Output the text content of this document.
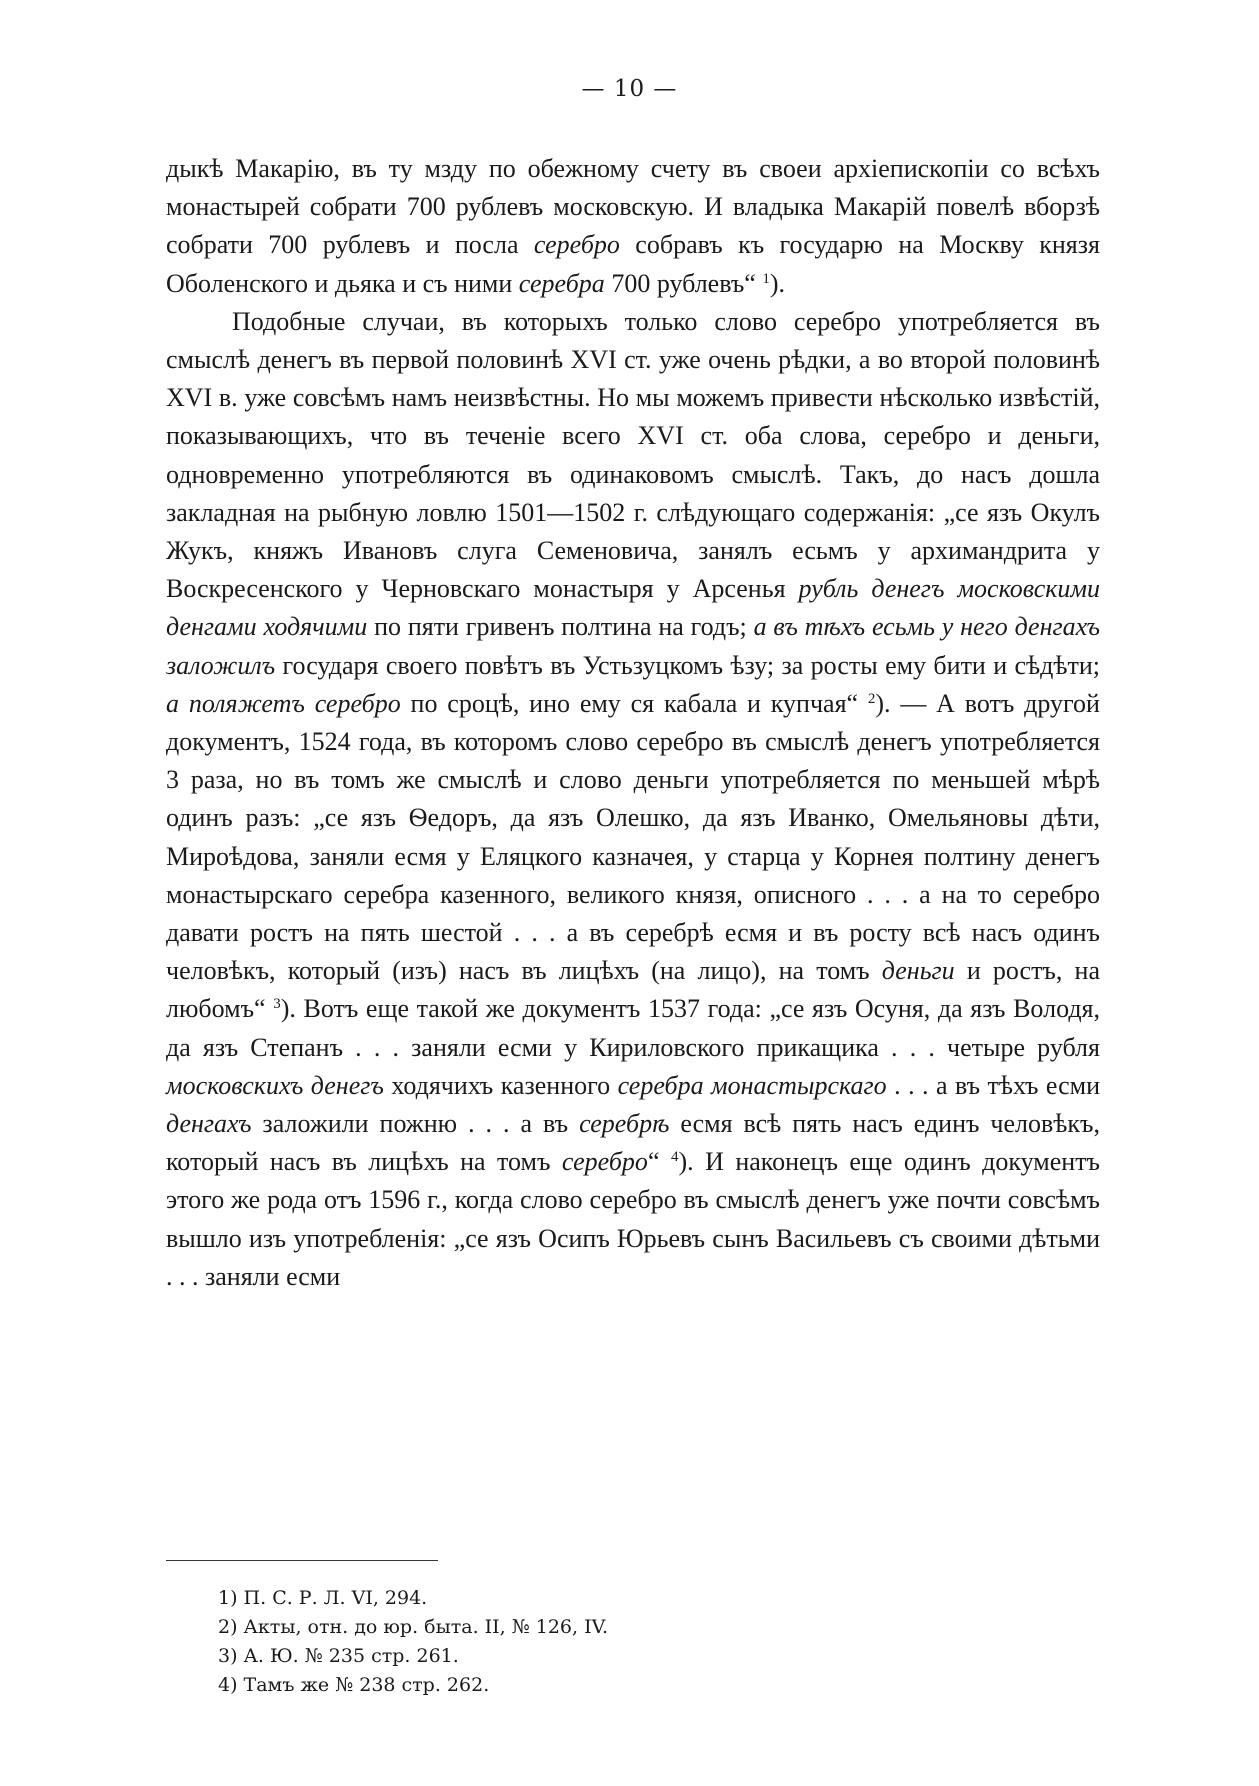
— 10 —

дыкѣ Макарію, въ ту мзду по обежному счету въ своеи архіепископіи со всѣхъ монастырей собрати 700 рублевъ московскую. И владыка Макарій повелѣ вборзѣ собрати 700 рублевъ и посла серебро собравъ къ государю на Москву князя Оболенского и дьяка и съ ними серебра 700 рублевъ“ $^1$).

Подобные случаи, въ которыхъ только слово серебро употребляется въ смыслѣ денегъ въ первой половинѣ XVI ст. уже очень рѣдки, а во второй половинѣ XVI в. уже совсѣмъ намъ неизвѣстны. Но мы можемъ привести нѣсколько извѣстій, показывающихъ, что въ теченіе всего XVI ст. оба слова, серебро и деньги, одновременно употребляются въ одинаковомъ смыслѣ. Такъ, до насъ дошла закладная на рыбную ловлю 1501—1502 г. слѣдующаго содержанія: „се язъ Окулъ Жукъ, княжъ Ивановъ слуга Семеновича, занялъ есьмъ у архимандрита у Воскресенского у Черновскаго монастыря у Арсенья рубль денегъ московскими денгами ходячими по пяти гривенъ полтина на годъ; а въ тѣхъ есьмь у него денгахъ заложилъ государя своего повѣтъ въ Устьзуцкомъ ѣзу; за росты ему бити и сѣдѣти; а поляжетъ серебро по сроцѣ, ино ему ся кабала и купчая“ $^2$). — А вотъ другой документъ, 1524 года, въ которомъ слово серебро въ смыслѣ денегъ употребляется 3 раза, но въ томъ же смыслѣ и слово деньги употребляется по меньшей мѣрѣ одинъ разъ: „се язъ Ѳедоръ, да язъ Олешко, да язъ Иванко, Омельяновы дѣти, Мироѣдова, заняли есмя у Еляцкого казначея, у старца у Корнея полтину денегъ монастырскаго серебра казенного, великого князя, описного . . . а на то серебро давати ростъ на пять шестой . . . а въ серебрѣ есмя и въ росту всѣ насъ одинъ человѣкъ, который (изъ) насъ въ лицѣхъ (на лицо), на томъ деньги и ростъ, на любомъ“ $^3$). Вотъ еще такой же документъ 1537 года: „се язъ Осуня, да язъ Володя, да язъ Степанъ . . . заняли есми у Кириловского прикащика . . . четыре рубля московскихъ денегъ ходячихъ казенного серебра монастырскаго . . . а въ тѣхъ есми денгахъ заложили пожню . . . а въ серебрѣ есмя всѣ пять насъ единъ человѣкъ, который насъ въ лицѣхъ на томъ серебро“ $^4$). И наконецъ еще одинъ документъ этого же рода отъ 1596 г., когда слово серебро въ смыслѣ денегъ уже почти совсѣмъ вышло изъ употребленія: „се язъ Осипъ Юрьевъ сынъ Васильевъ съ своими дѣтьми . . . заняли есми

1) П. С. Р. Л. VI, 294.
2) Акты, отн. до юр. быта. II, № 126, IV.
3) А. Ю. № 235 стр. 261.
4) Тамъ же № 238 стр. 262.
